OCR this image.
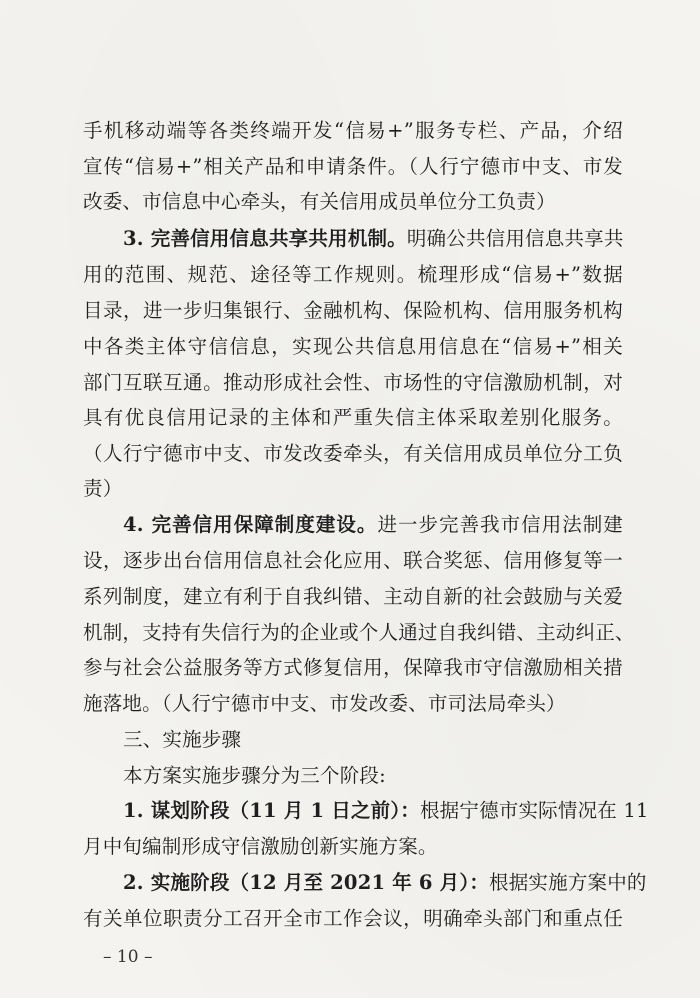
手机移动端等各类终端开发“信易+”服务专栏、产品，介绍
宣传“信易+”相关产品和申请条件。（人行宁德市中支、市发
改委、市信息中心牵头，有关信用成员单位分工负责）
3. 完善信用信息共享共用机制。明确公共信用信息共享共
用的范围、规范、途径等工作规则。梳理形成“信易+”数据
目录，进一步归集银行、金融机构、保险机构、信用服务机构
中各类主体守信信息，实现公共信息用信息在“信易+”相关
部门互联互通。推动形成社会性、市场性的守信激励机制，对
具有优良信用记录的主体和严重失信主体采取差别化服务。
（人行宁德市中支、市发改委牵头，有关信用成员单位分工负
责）
4. 完善信用保障制度建设。进一步完善我市信用法制建
设，逐步出台信用信息社会化应用、联合奖惩、信用修复等一
系列制度，建立有利于自我纠错、主动自新的社会鼓励与关爱
机制，支持有失信行为的企业或个人通过自我纠错、主动纠正、
参与社会公益服务等方式修复信用，保障我市守信激励相关措
施落地。（人行宁德市中支、市发改委、市司法局牵头）
三、实施步骤
本方案实施步骤分为三个阶段:
1. 谋划阶段（11 月 1 日之前）：根据宁德市实际情况在 11
月中旬编制形成守信激励创新实施方案。
2. 实施阶段（12 月至 2021 年 6 月）：根据实施方案中的
有关单位职责分工召开全市工作会议，明确牵头部门和重点任
– 10 –
